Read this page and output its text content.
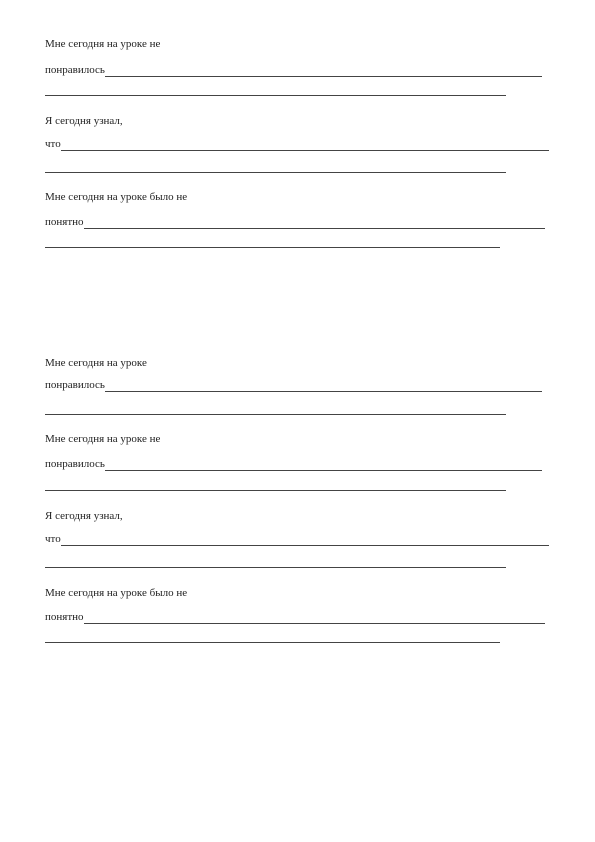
Мне сегодня на уроке не
понравилось
Я сегодня узнал,
что
Мне сегодня на уроке было не
понятно
Мне сегодня на уроке
понравилось
Мне сегодня на уроке не
понравилось
Я сегодня узнал,
что
Мне сегодня на уроке было не
понятно
